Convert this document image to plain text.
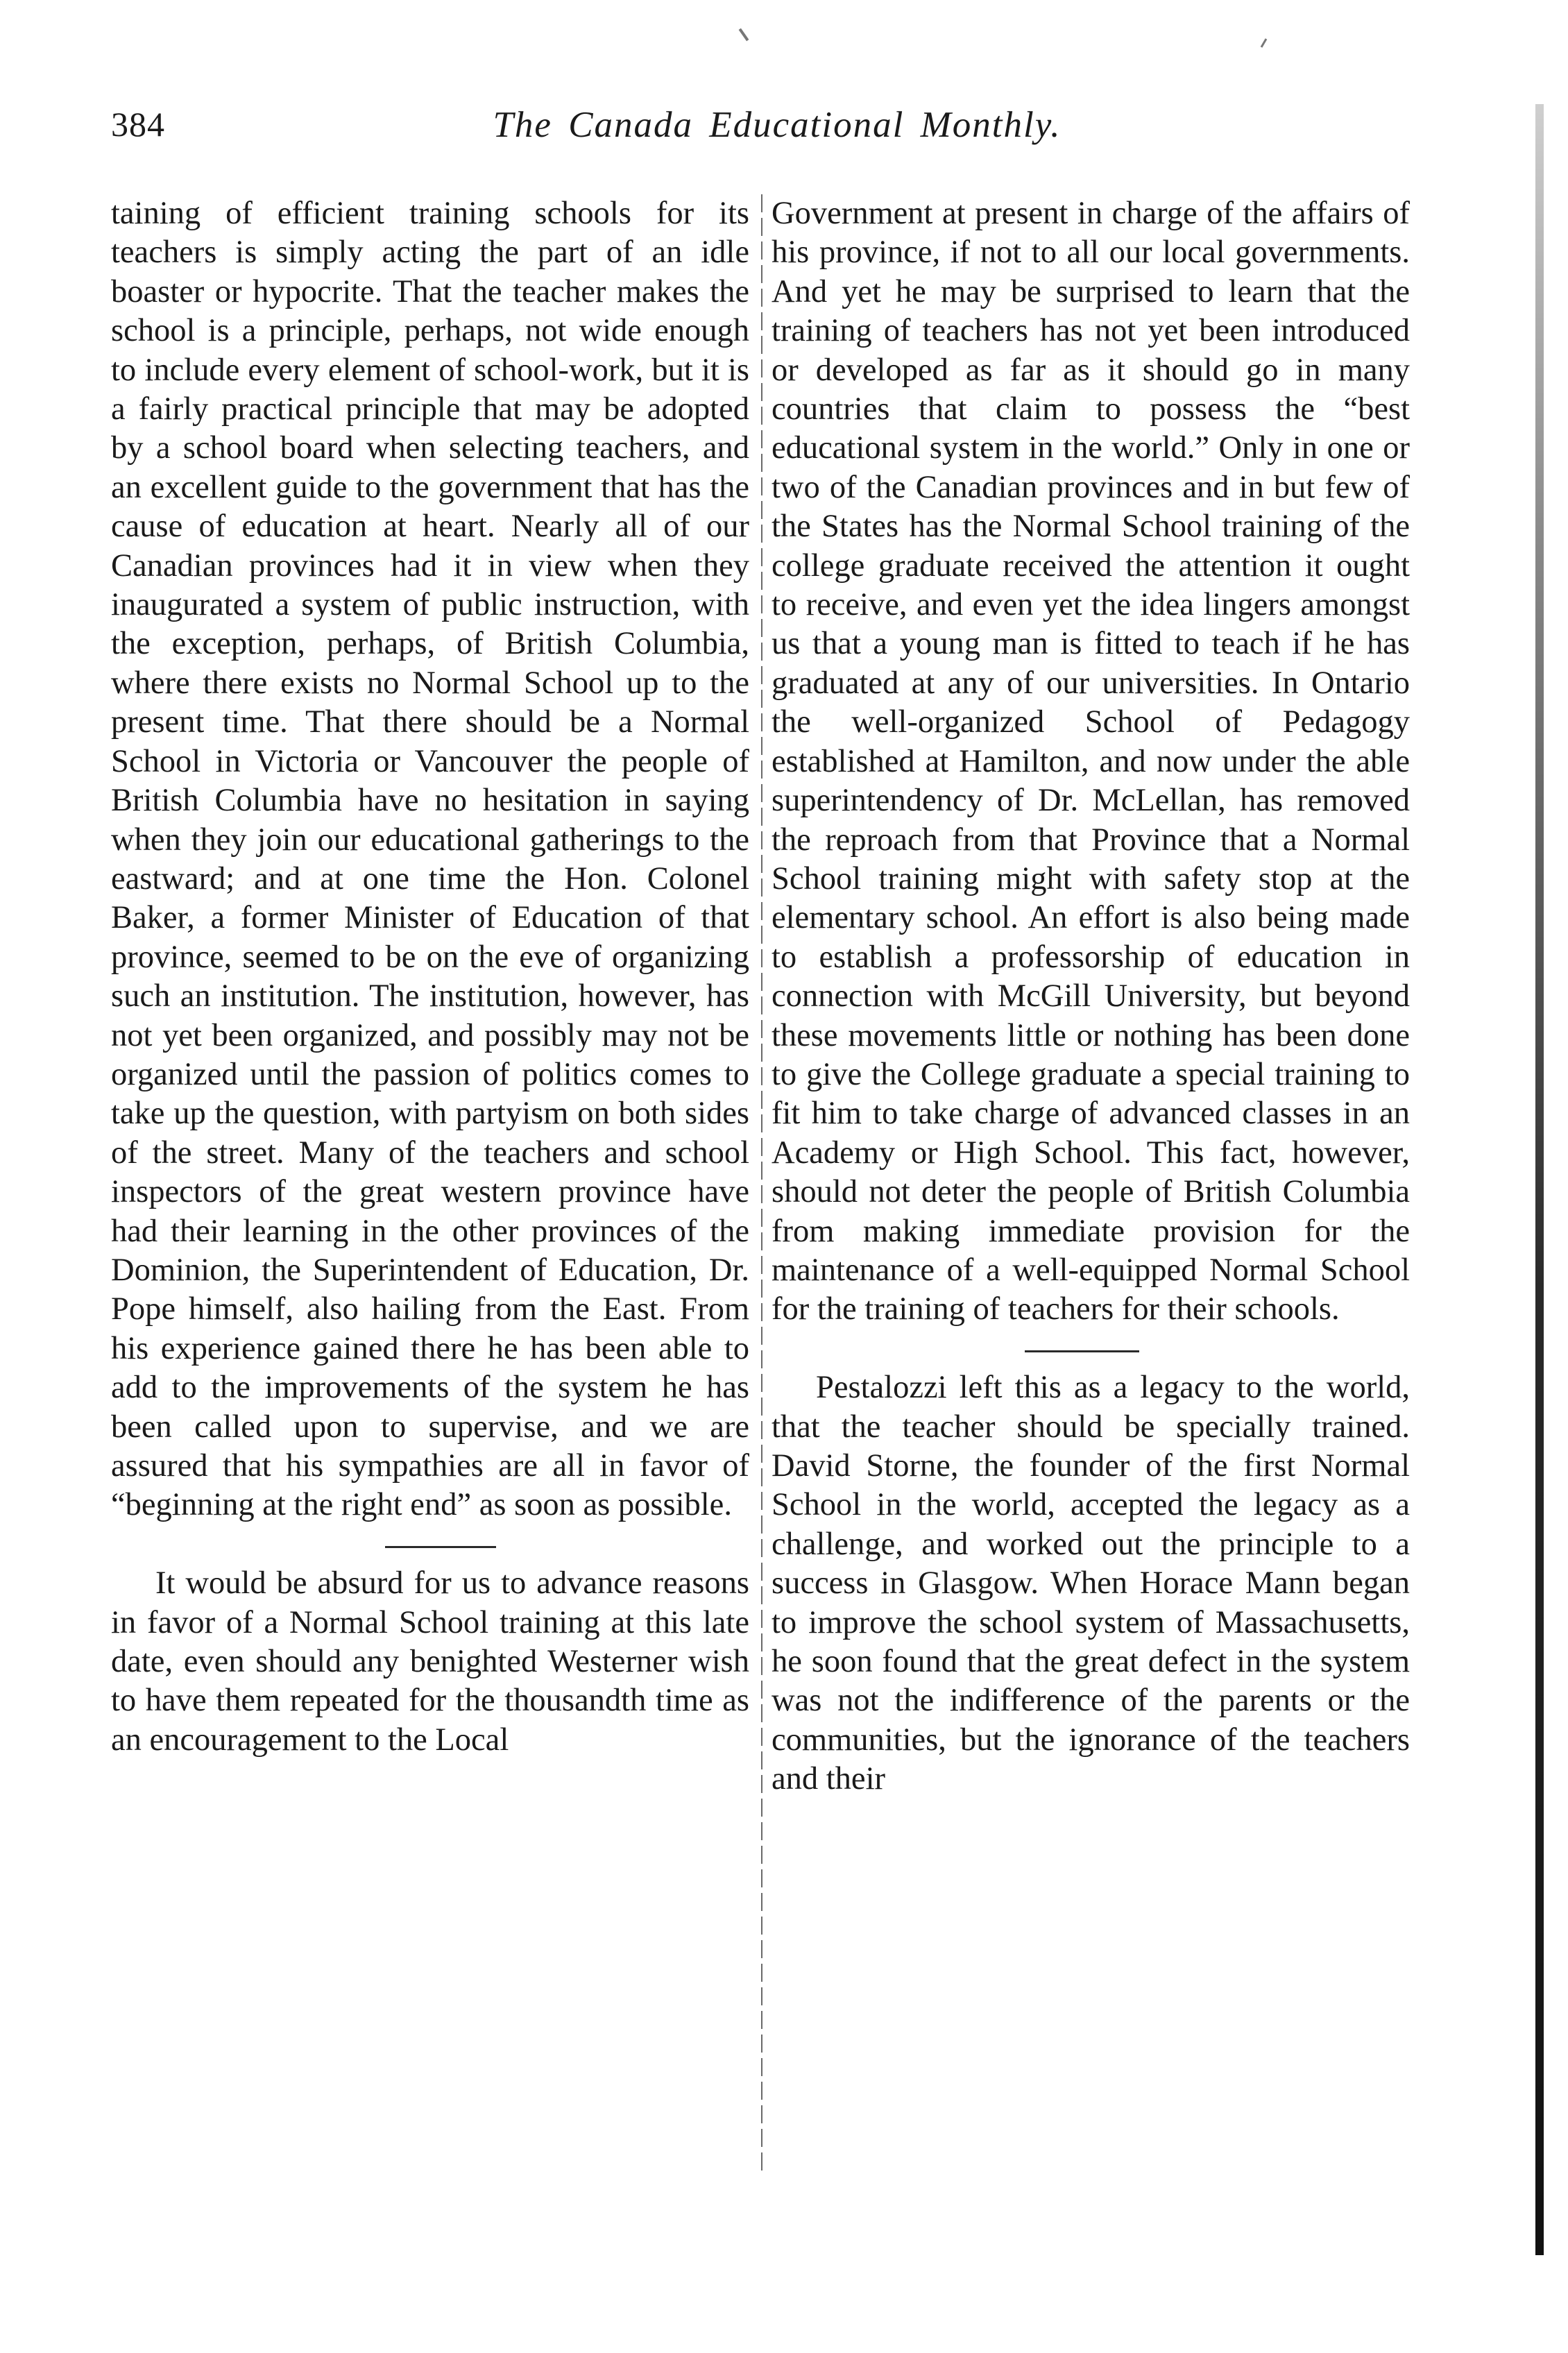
384	The Canada Educational Monthly.

taining of efficient training schools for its teachers is simply acting the part of an idle boaster or hypocrite. That the teacher makes the school is a principle, perhaps, not wide enough to include every element of school-work, but it is a fairly practical principle that may be adopted by a school board when selecting teachers, and an excellent guide to the government that has the cause of education at heart. Nearly all of our Canadian provinces had it in view when they inaugurated a system of public instruction, with the exception, perhaps, of British Columbia, where there exists no Normal School up to the present time. That there should be a Normal School in Victoria or Vancouver the people of British Columbia have no hesitation in saying when they join our educational gatherings to the eastward; and at one time the Hon. Colonel Baker, a former Minister of Education of that province, seemed to be on the eve of organizing such an institution. The institution, however, has not yet been organized, and possibly may not be organized until the passion of politics comes to take up the question, with partyism on both sides of the street. Many of the teachers and school inspectors of the great western province have had their learning in the other provinces of the Dominion, the Superintendent of Education, Dr. Pope himself, also hailing from the East. From his experience gained there he has been able to add to the improvements of the system he has been called upon to supervise, and we are assured that his sympathies are all in favor of “beginning at the right end” as soon as possible.

It would be absurd for us to advance reasons in favor of a Normal School training at this late date, even should any benighted Westerner wish to have them repeated for the thousandth time as an encouragement to the Local

Government at present in charge of the affairs of his province, if not to all our local governments. And yet he may be surprised to learn that the training of teachers has not yet been introduced or developed as far as it should go in many countries that claim to possess the “best educational system in the world.” Only in one or two of the Canadian provinces and in but few of the States has the Normal School training of the college graduate received the attention it ought to receive, and even yet the idea lingers amongst us that a young man is fitted to teach if he has graduated at any of our universities. In Ontario the well-organized School of Pedagogy established at Hamilton, and now under the able superintendency of Dr. McLellan, has removed the reproach from that Province that a Normal School training might with safety stop at the elementary school. An effort is also being made to establish a professorship of education in connection with McGill University, but beyond these movements little or nothing has been done to give the College graduate a special training to fit him to take charge of advanced classes in an Academy or High School. This fact, however, should not deter the people of British Columbia from making immediate provision for the maintenance of a well-equipped Normal School for the training of teachers for their schools.

Pestalozzi left this as a legacy to the world, that the teacher should be specially trained. David Storne, the founder of the first Normal School in the world, accepted the legacy as a challenge, and worked out the principle to a success in Glasgow. When Horace Mann began to improve the school system of Massachusetts, he soon found that the great defect in the system was not the indifference of the parents or the communities, but the ignorance of the teachers and their
